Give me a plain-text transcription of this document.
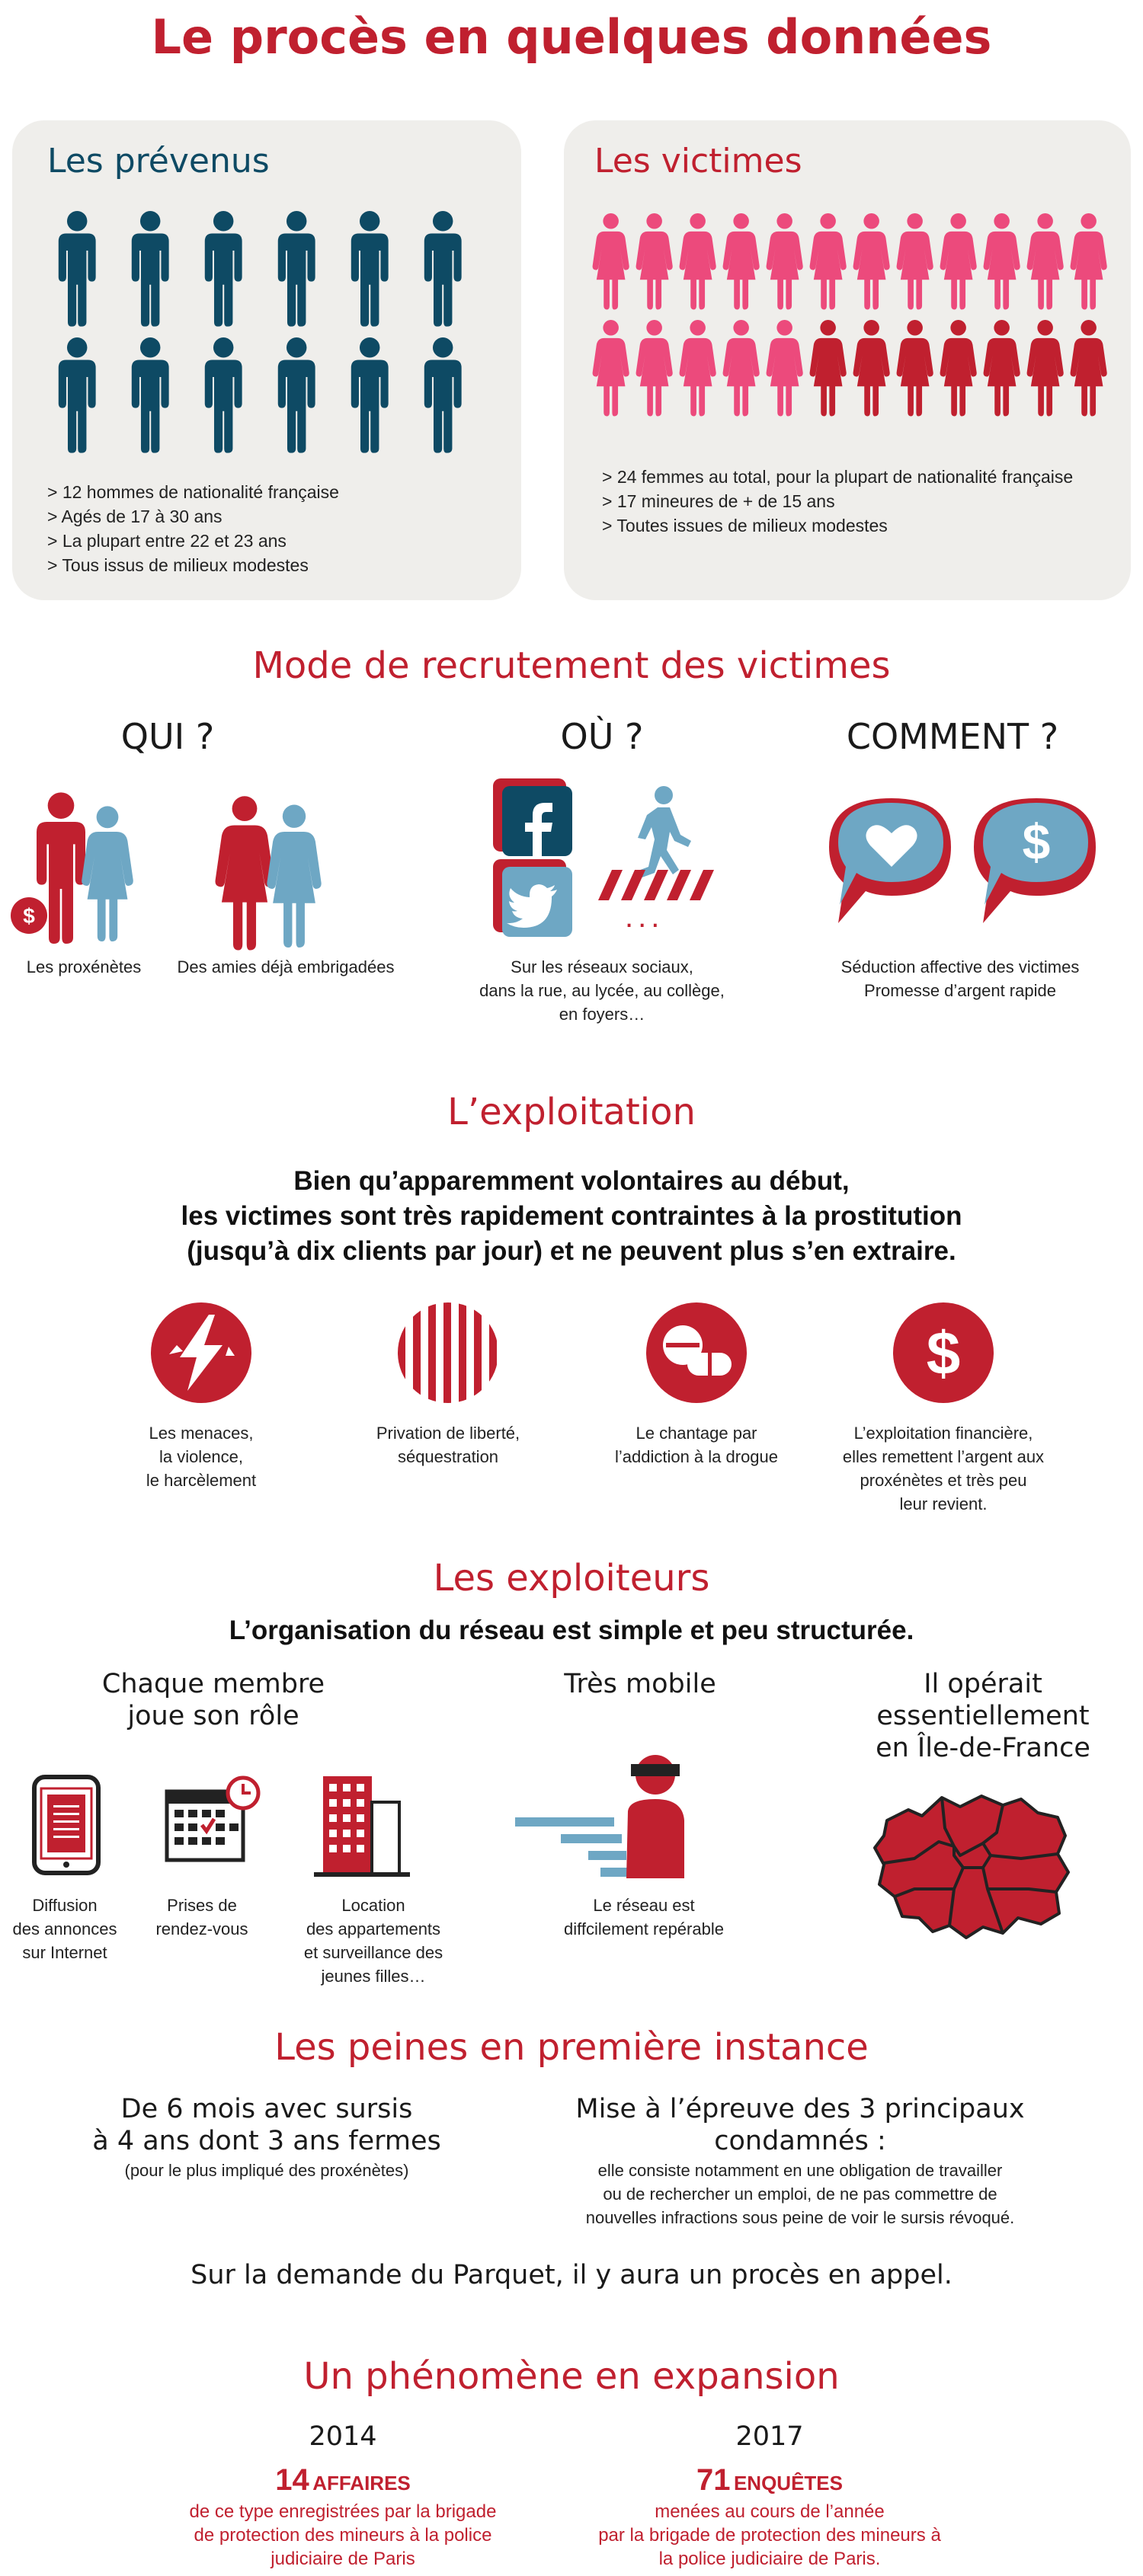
Le procès en quelques données
Les prévenus
> 12 hommes de nationalité française
> Agés de 17 à 30 ans
> La plupart entre 22 et 23 ans
> Tous issus de milieux modestes
Les victimes
> 24 femmes au total, pour la plupart de nationalité française
> 17 mineures de + de 15 ans
> Toutes issues de milieux modestes
Mode de recrutement des victimes
QUI ?	OÙ ?	COMMENT ?
$
Les proxénètes	Des amies déjà embrigadées
...
Sur les réseaux sociaux,
dans la rue, au lycée, au collège,
en foyers…
$
Séduction affective des victimes
Promesse d’argent rapide
L’exploitation
Bien qu’apparemment volontaires au début,
les victimes sont très rapidement contraintes à la prostitution
(jusqu’à dix clients par jour) et ne peuvent plus s’en extraire.
$
Les menaces,
la violence,
le harcèlement
Privation de liberté,
séquestration
Le chantage par
l’addiction à la drogue
L’exploitation financière,
elles remettent l’argent aux
proxénètes et très peu
leur revient.
Les exploiteurs
L’organisation du réseau est simple et peu structurée.
Chaque membre
joue son rôle
Très mobile	Il opérait
essentiellement
en Île-de-France
Diffusion
des annonces
sur Internet
Prises de
rendez-vous
Location
des appartements
et surveillance des
jeunes filles…
Le réseau est
diffcilement repérable
Les peines en première instance
De 6 mois avec sursis
à 4 ans dont 3 ans fermes
(pour le plus impliqué des proxénètes)
Mise à l’épreuve des 3 principaux
condamnés :
elle consiste notamment en une obligation de travailler
ou de rechercher un emploi, de ne pas commettre de
nouvelles infractions sous peine de voir le sursis révoqué.
Sur la demande du Parquet, il y aura un procès en appel.
Un phénomène en expansion
2014	2017
14 AFFAIRES	71 ENQUÊTES
de ce type enregistrées par la brigade
de protection des mineurs à la police
judiciaire de Paris
menées au cours de l’année
par la brigade de protection des mineurs à
la police judiciaire de Paris.
